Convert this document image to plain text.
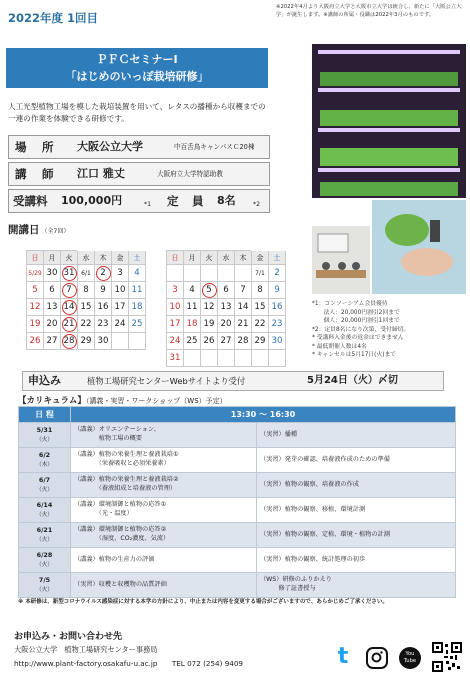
2022年度 1回目
※2022年4月より大阪府立大学と大阪市立大学は統合し、新たに「大阪公立大学」が誕生します。※講師の所属・役職は2022年3月のものです。
ＰＦＣセミナーⅠ
「はじめのいっぽ栽培研修」
人工光型植物工場を模した栽培装置を用いて、レタスの播種から収穫までの一連の作業を体験できる研修です。
場　所 大阪公立大学	中百舌鳥キャンパスＣ20棟
講　師 江口 雅丈	大阪府立大学特認助教
受講料 100,000円	*1 定　員 8名	*2
開講日 （全7回）
			5月		6月	
日	月	火	水	木	金	土
5/29	30	31	6/1	2	3	4
5	6	7	8	9	10	11
12	13	14	15	16	17	18
19	20	21	22	23	24	25
26	27	28	29	30		
					7月	
日	月	火	水	木	金	土
					7/1	2
3	4	5	6	7	8	9
10	11	12	13	14	15	16
17	18	19	20	21	22	23
24	25	26	27	28	29	30
31						
*1：コンソーシアム会員優待
　　法人：20,000円割引2回まで
　　個人：20,000円割引1回まで
*2：定員8名になり次第、受付締切。
* 受講料入金後の返金はできません
* 最低開催人数は4名
* キャンセルは5月17日(火)まで
申込み	植物工場研究センターWebサイトより受付	5月24日（火）〆切
【カリキュラム】（講義・実習・ワークショップ（WS）予定）
日 程	13:30 ～ 16:30	
5/31
（火）	（講義）オリエンテーション、
　　　　植物工場の概要	（実習）播種
6/2
（木）	（講義）植物の栄養生理と養液栽培①
　　　　（栄養吸収と必須栄養素）	（実習）発芽の確認、培養液作成のための準備
6/7
（火）	（講義）植物の栄養生理と養液栽培②
　　　　（養液組成と培養液の管理）	（実習）植物の観察、培養液の作成
6/14
（火）	（講義）環境制御と植物の応答①
　　　　（光・温度）	（実習）植物の観察、移植、環境計測
6/21
（火）	（講義）環境制御と植物の応答②
　　　　（湿度、CO₂濃度、気流）	（実習）植物の観察、定植、環境・植物の計測
6/28
（火）	（講義）植物の生産力の評価	（実習）植物の観察、統計処理の初歩
7/5
（火）	（実習）収穫と収穫物の品質評価	（WS）研修のふりかえり
　　　修了証書授与
※ 本研修は、新型コロナウイルス感染症に対する本学の方針により、中止または内容を変更する場合がございますので、あらかじめご了承ください。
お申込み・お問い合わせ先
大阪公立大学　植物工場研究センター事務局
http://www.plant-factory.osakafu-u.ac.jp　　TEL 072 (254) 9409	t	You
Tube
